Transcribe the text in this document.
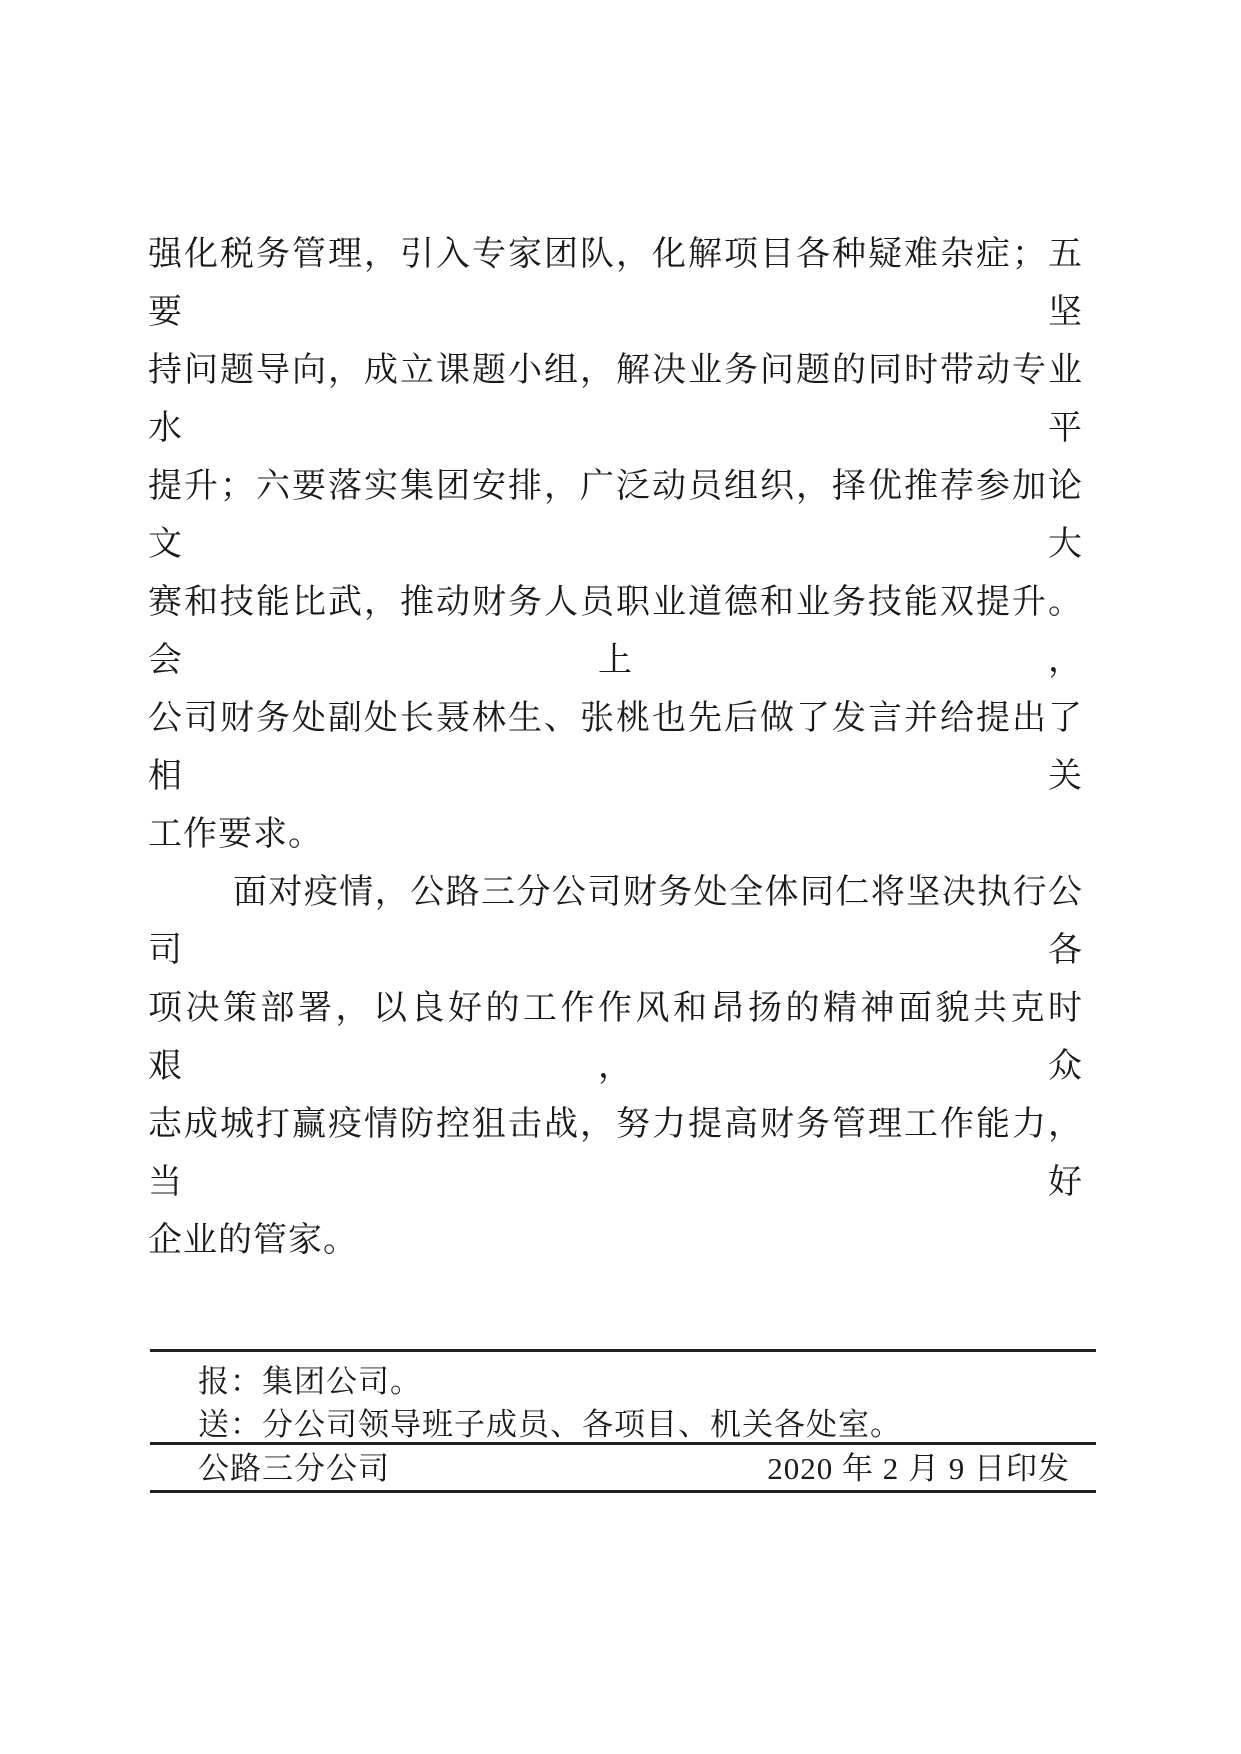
强化税务管理，引入专家团队，化解项目各种疑难杂症；五要坚

持问题导向，成立课题小组，解决业务问题的同时带动专业水平

提升；六要落实集团安排，广泛动员组织，择优推荐参加论文大

赛和技能比武，推动财务人员职业道德和业务技能双提升。会上，

公司财务处副处长聂林生、张桃也先后做了发言并给提出了相关

工作要求。

面对疫情，公路三分公司财务处全体同仁将坚决执行公司各

项决策部署，以良好的工作作风和昂扬的精神面貌共克时艰，众

志成城打赢疫情防控狙击战，努力提高财务管理工作能力，当好

企业的管家。

报：集团公司。
送：分公司领导班子成员、各项目、机关各处室。
公路三分公司	2020 年 2 月 9 日印发
